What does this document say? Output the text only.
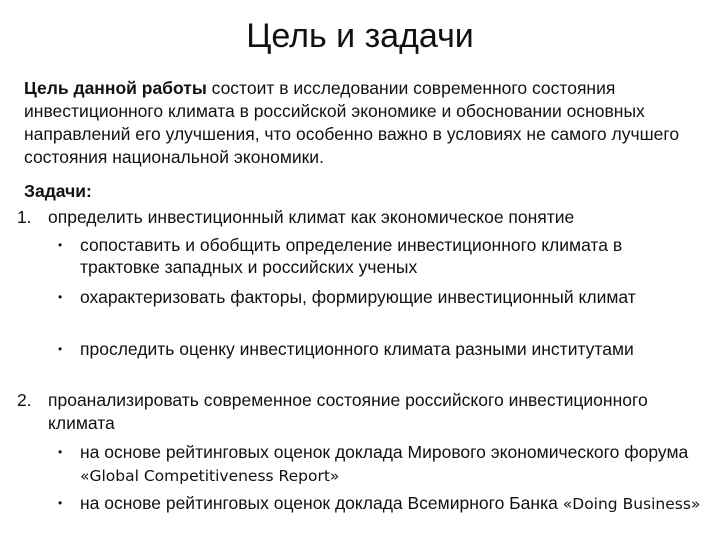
Цель и задачи

Цель данной работы состоит в исследовании современного состояния инвестиционного климата в российской экономике и обосновании основных направлений его улучшения, что особенно важно в условиях не самого лучшего состояния национальной экономики.

Задачи:

1. определить инвестиционный климат как экономическое понятие
• сопоставить и обобщить определение инвестиционного климата в трактовке западных и российских ученых
• охарактеризовать факторы, формирующие инвестиционный климат
• проследить оценку инвестиционного климата разными институтами
2. проанализировать современное состояние российского инвестиционного климата
• на основе рейтинговых оценок доклада Мирового экономического форума «Global Competitiveness Report»
• на основе рейтинговых оценок доклада Всемирного Банка «Doing Business»
